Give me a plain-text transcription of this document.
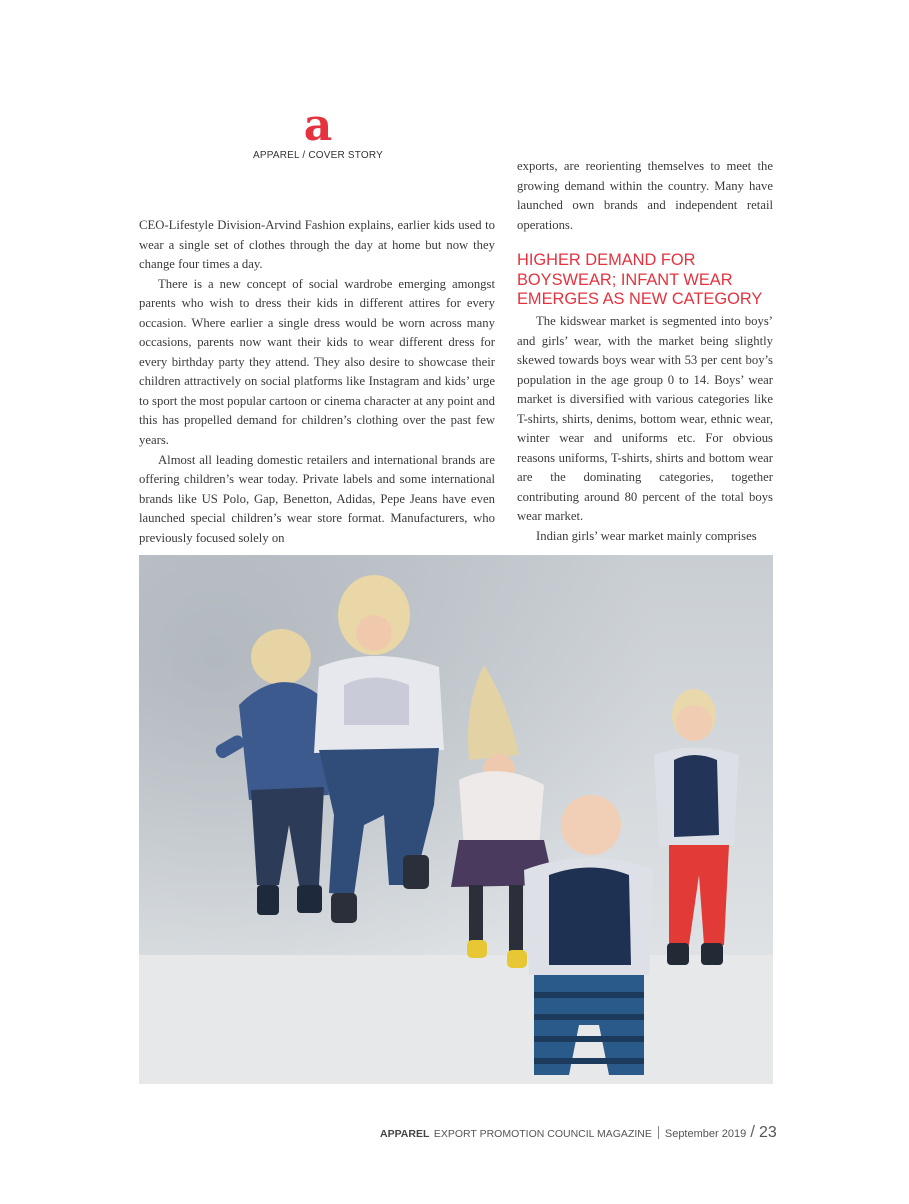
a
APPAREL / COVER STORY

CEO-Lifestyle Division-Arvind Fashion explains, earlier kids used to wear a single set of clothes through the day at home but now they change four times a day.

There is a new concept of social wardrobe emerging amongst parents who wish to dress their kids in different attires for every occasion. Where earlier a single dress would be worn across many occasions, parents now want their kids to wear different dress for every birthday party they attend. They also desire to showcase their children attractively on social platforms like Instagram and kids’ urge to sport the most popular cartoon or cinema character at any point and this has propelled demand for children’s clothing over the past few years.

Almost all leading domestic retailers and international brands are offering children’s wear today. Private labels and some international brands like US Polo, Gap, Benetton, Adidas, Pepe Jeans have even launched special children’s wear store format. Manufacturers, who previously focused solely on

exports, are reorienting themselves to meet the growing demand within the country. Many have launched own brands and independent retail operations.

HIGHER DEMAND FOR BOYSWEAR; INFANT WEAR EMERGES AS NEW CATEGORY

The kidswear market is segmented into boys’ and girls’ wear, with the market being slightly skewed towards boys wear with 53 per cent boy’s population in the age group 0 to 14. Boys’ wear market is diversified with various categories like T-shirts, shirts, denims, bottom wear, ethnic wear, winter wear and uniforms etc. For obvious reasons uniforms, T-shirts, shirts and bottom wear are the dominating categories, together contributing around 80 percent of the total boys wear market.

Indian girls’ wear market mainly comprises

APPAREL EXPORT PROMOTION COUNCIL MAGAZINE September 2019 / 23
